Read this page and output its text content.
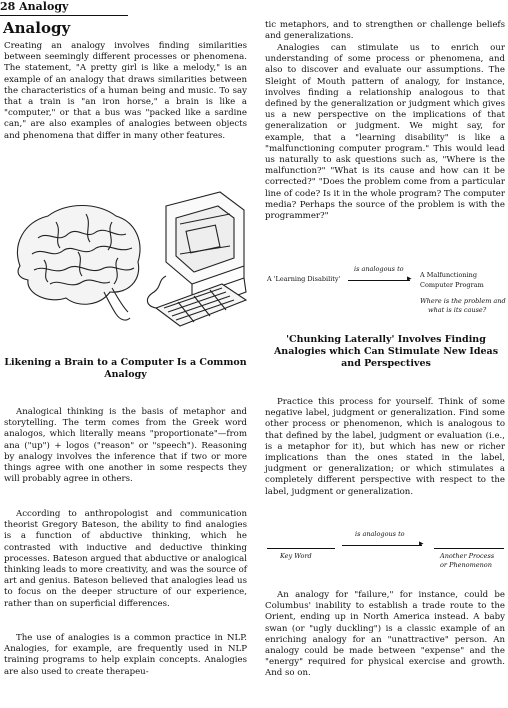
28 Analogy
Analogy

Creating an analogy involves finding similarities between seemingly different processes or phenomena. The statement, "A pretty girl is like a melody," is an example of an analogy that draws similarities between the characteristics of a human being and music. To say that a train is "an iron horse," a brain is like a "computer," or that a bus was "packed like a sardine can," are also examples of analogies between objects and phenomena that differ in many other features.

Likening a Brain to a Computer Is a Common Analogy

Analogical thinking is the basis of metaphor and storytelling. The term comes from the Greek word analogos, which literally means "proportionate"—from ana ("up") + logos ("reason" or "speech"). Reasoning by analogy involves the inference that if two or more things agree with one another in some respects they will probably agree in others.

According to anthropologist and communication theorist Gregory Bateson, the ability to find analogies is a function of abductive thinking, which he contrasted with inductive and deductive thinking processes. Bateson argued that abductive or analogical thinking leads to more creativity, and was the source of art and genius. Bateson believed that analogies lead us to focus on the deeper structure of our experience, rather than on superficial differences.

The use of analogies is a common practice in NLP. Analogies, for example, are frequently used in NLP training programs to help explain concepts. Analogies are also used to create therapeu-

tic metaphors, and to strengthen or challenge beliefs and generalizations.

Analogies can stimulate us to enrich our understanding of some process or phenomena, and also to discover and evaluate our assumptions. The Sleight of Mouth pattern of analogy, for instance, involves finding a relationship analogous to that defined by the generalization or judgment which gives us a new perspective on the implications of that generalization or judgment. We might say, for example, that a "learning disability" is like a "malfunctioning computer program." This would lead us naturally to ask questions such as, "Where is the malfunction?" "What is its cause and how can it be corrected?" "Does the problem come from a particular line of code? Is it in the whole program? The computer media? Perhaps the source of the problem is with the programmer?"

A 'Learning Disability'
is analogous to
▸ A Malfunctioning
Computer Program
Where is the problem and
what is its cause?
'Chunking Laterally' Involves Finding Analogies which Can Stimulate New Ideas and Perspectives

Practice this process for yourself. Think of some negative label, judgment or generalization. Find some other process or phenomenon, which is analogous to that defined by the label, judgment or evaluation (i.e., is a metaphor for it), but which has new or richer implications than the ones stated in the label, judgment or generalization; or which stimulates a completely different perspective with respect to the label, judgment or generalization.

is analogous to
▸
Key Word	Another Process
or Phenomenon

An analogy for "failure," for instance, could be Columbus' inability to establish a trade route to the Orient, ending up in North America instead. A baby swan (or "ugly duckling") is a classic example of an enriching analogy for an "unattractive" person. An analogy could be made between "expense" and the "energy" required for physical exercise and growth. And so on.
